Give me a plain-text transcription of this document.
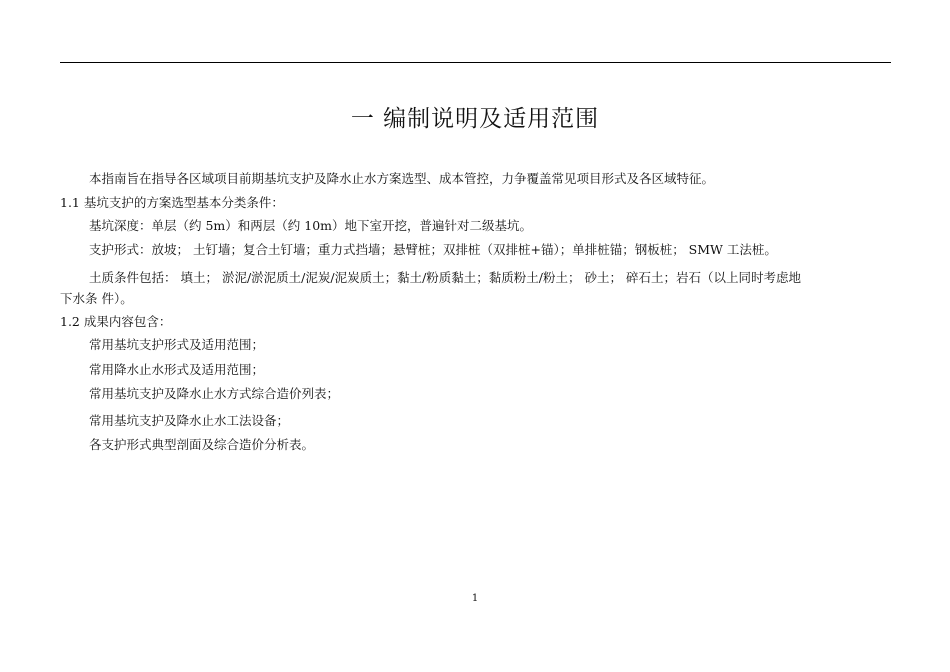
一 编制说明及适用范围
本指南旨在指导各区域项目前期基坑支护及降水止水方案选型、成本管控，力争覆盖常见项目形式及各区域特征。
1.1 基坑支护的方案选型基本分类条件：
基坑深度：单层（约 5m）和两层（约 10m）地下室开挖，普遍针对二级基坑。
支护形式：放坡； 土钉墙；复合土钉墙；重力式挡墙；悬臂桩；双排桩（双排桩+锚）；单排桩锚；钢板桩； SMW 工法桩。
土质条件包括： 填土； 淤泥/淤泥质土/泥炭/泥炭质土；黏土/粉质黏土；黏质粉土/粉土； 砂土； 碎石土；岩石（以上同时考虑地
下水条 件）。
1.2 成果内容包含：
常用基坑支护形式及适用范围；
常用降水止水形式及适用范围；
常用基坑支护及降水止水方式综合造价列表；
常用基坑支护及降水止水工法设备；
各支护形式典型剖面及综合造价分析表。
1
